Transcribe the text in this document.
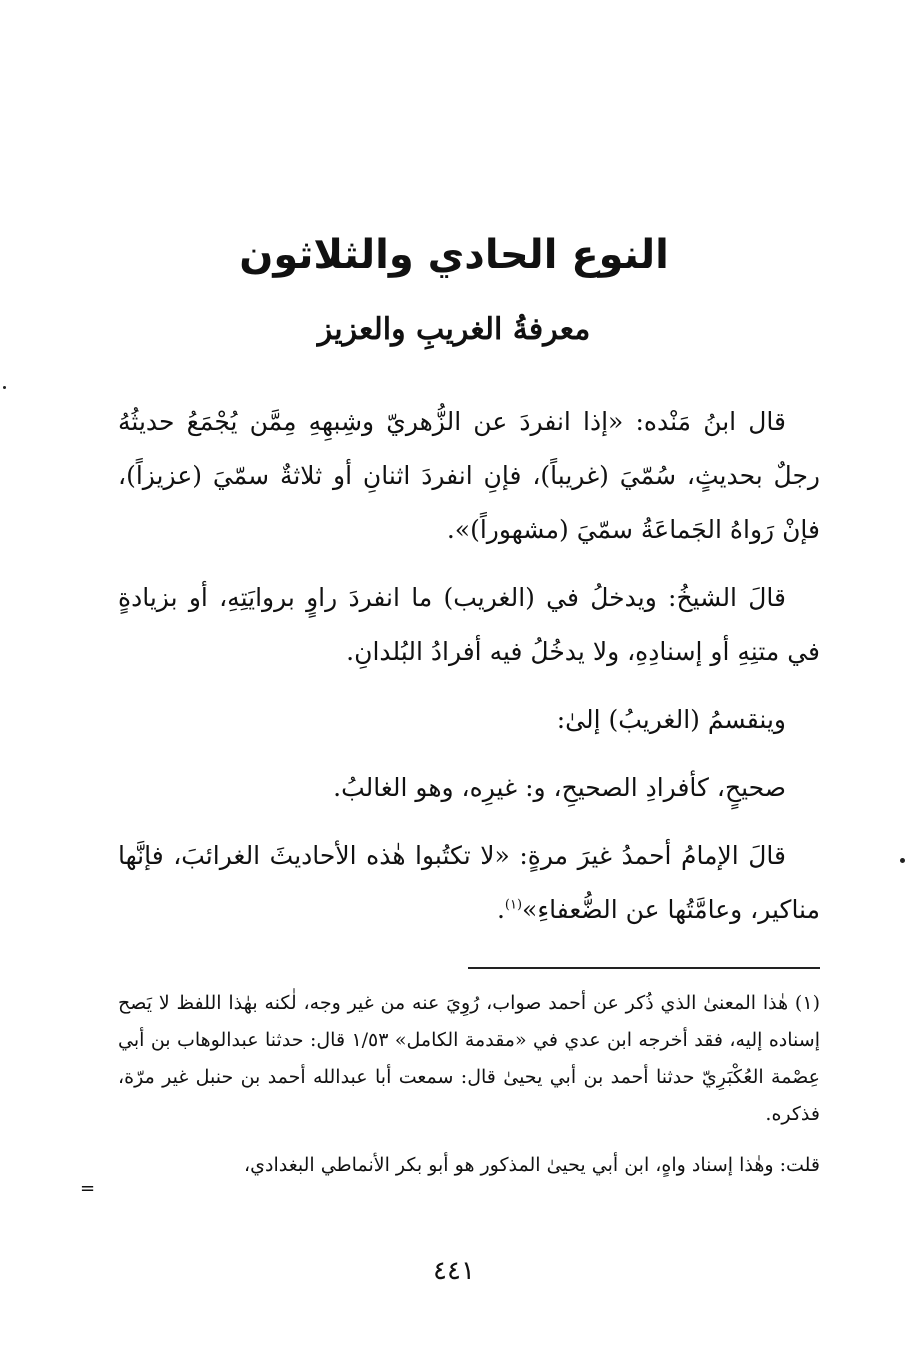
النوع الحادي والثلاثون
معرفةُ الغريبِ والعزيز

قال ابنُ مَنْده: «إذا انفردَ عن الزُّهريّ وشِبهِهِ مِمَّن يُجْمَعُ حديثُهُ رجلٌ بحديثٍ، سُمّيَ (غريباً)، فإنِ انفردَ اثنانِ أو ثلاثةٌ سمّيَ (عزيزاً)، فإنْ رَواهُ الجَماعَةُ سمّيَ (مشهوراً)».

قالَ الشيخُ: ويدخلُ في (الغريب) ما انفردَ راوٍ بروايَتِهِ، أو بزيادةٍ في متنِهِ أو إسنادِهِ، ولا يدخُلُ فيه أفرادُ البُلدانِ.

وينقسمُ (الغريبُ) إلىٰ:

صحيحٍ، كأفرادِ الصحيحِ، و: غيرِه، وهو الغالبُ.

قالَ الإمامُ أحمدُ غيرَ مرةٍ: «لا تكتُبوا هٰذه الأحاديثَ الغرائبَ، فإنَّها مناكير، وعامَّتُها عن الضُّعفاءِ»$^{(١)}$.

(١) هٰذا المعنىٰ الذي ذُكر عن أحمد صواب، رُوِيَ عنه من غير وجه، لٰكنه بهٰذا اللفظ لا يَصح إسناده إليه، فقد أخرجه ابن عدي في «مقدمة الكامل» ١/٥٣ قال: حدثنا عبدالوهاب بن أبي عِصْمة العُكْبَرِيّ حدثنا أحمد بن أبي يحيىٰ قال: سمعت أبا عبدالله أحمد بن حنبل غير مرّة، فذكره.

قلت: وهٰذا إسناد واهٍ، ابن أبي يحيىٰ المذكور هو أبو بكر الأنماطي البغدادي،

=
٤٤١
